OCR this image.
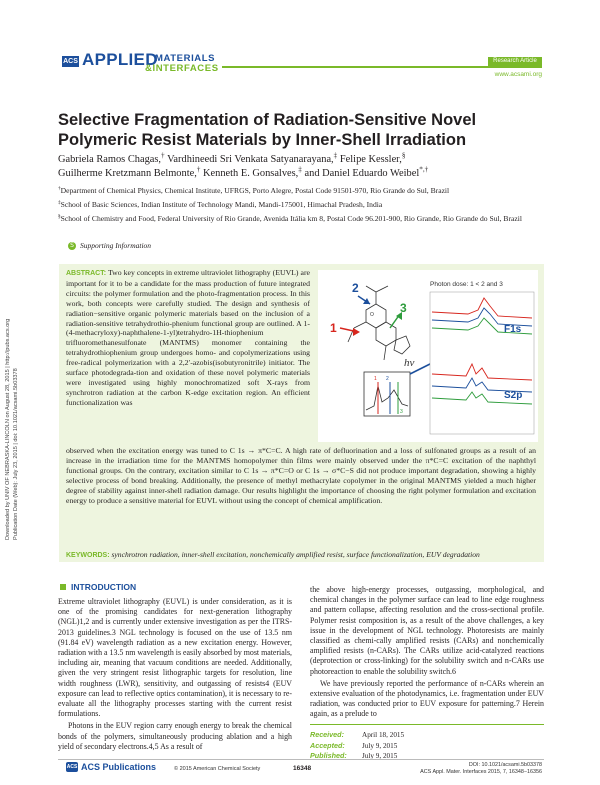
ACS APPLIED
MATERIALS
&INTERFACES
Research Article
www.acsami.org
Downloaded by UNIV OF NEBRASKA-LINCOLN on August 28, 2015 | http://pubs.acs.org Publication Date (Web): July 23, 2015 | doi: 10.1021/acsami.5b03378
Selective Fragmentation of Radiation-Sensitive Novel Polymeric Resist Materials by Inner-Shell Irradiation
Gabriela Ramos Chagas,† Vardhineedi Sri Venkata Satyanarayana,‡ Felipe Kessler,§
Guilherme Kretzmann Belmonte,† Kenneth E. Gonsalves,‡ and Daniel Eduardo Weibel*,†

†Department of Chemical Physics, Chemical Institute, UFRGS, Porto Alegre, Postal Code 91501-970, Rio Grande do Sul, Brazil

‡School of Basic Sciences, Indian Institute of Technology Mandi, Mandi-175001, Himachal Pradesh, India

§School of Chemistry and Food, Federal University of Rio Grande, Avenida Itália km 8, Postal Code 96.201-900, Rio Grande, Rio Grande do Sul, Brazil

S Supporting Information
ABSTRACT: Two key concepts in extreme ultraviolet lithography (EUVL) are important for it to be a candidate for the mass production of future integrated circuits: the polymer formulation and the photo-fragmentation process. In this work, both concepts were carefully studied. The design and synthesis of radiation−sensitive organic polymeric materials based on the inclusion of a radiation-sensitive tetrahydrothio-phenium functional group are outlined. A 1-(4-methacryloxy)-naphthalene-1-yl)tetrahydro-1H-thiophenium trifluoromethanesulfonate (MANTMS) monomer containing the tetrahydrothiophenium group undergoes homo- and copolymerizations using free-radical polymerization with a 2,2′-azobis(isobutyronitrile) initiator. The surface photodegrada-tion and oxidation of these novel polymeric materials were investigated using highly monochromatized soft X-rays from synchrotron radiation at the carbon K-edge excitation region. An efficient functionalization was
O
2
1
3
1 2
3
hν
Photon dose: 1 < 2 and 3
F1s
S2p
observed when the excitation energy was tuned to C 1s → π*C=C. A high rate of defluorination and a loss of sulfonated groups as a result of an increase in the irradiation time for the MANTMS homopolymer thin films were mainly observed under the π*C=C excitation of the naphthyl functional groups. On the contrary, excitation similar to C 1s → π*C=O or C 1s → σ*C−S did not produce important degradation, showing a highly selective process of bond breaking. Additionally, the presence of methyl methacrylate copolymer in the original MANTMS yielded a much higher degree of stability against inner-shell radiation damage. Our results highlight the importance of choosing the right polymer formulation and excitation energy to produce a sensitive material for EUVL without using the concept of chemical amplification.
KEYWORDS: synchrotron radiation, inner-shell excitation, nonchemically amplified resist, surface functionalization, EUV degradation
INTRODUCTION

Extreme ultraviolet lithography (EUVL) is under consideration, as it is one of the promising candidates for next-generation lithography (NGL)1,2 and is currently under extensive investigation as per the ITRS-2013 guidelines.3 NGL technology is focused on the use of 13.5 nm (91.84 eV) wavelength radiation as a new excitation energy. However, radiation with a 13.5 nm wavelength is easily absorbed by most materials, including air, meaning that vacuum conditions are needed. Additionally, given the very stringent resist lithographic targets for resolution, line width roughness (LWR), sensitivity, and outgassing of resists4 (EUV exposure can lead to reflective optics contamination), it is necessary to re-evaluate all the lithography processes starting with the current resist formulations.

Photons in the EUV region carry enough energy to break the chemical bonds of the polymers, simultaneously producing ablation and a high yield of secondary electrons.4,5 As a result of

the above high-energy processes, outgassing, morphological, and chemical changes in the polymer surface can lead to line edge roughness and pattern collapse, affecting resolution and the cross-sectional profile. Polymer resist composition is, as a result of the above challenges, a key issue in the development of NGL technology. Photoresists are mainly classified as chemi-cally amplified resists (CARs) and nonchemically amplified resists (n-CARs). The CARs utilize acid-catalyzed reactions (deprotection or cross-linking) for the solubility switch and n-CARs use photoreaction to enable the solubility switch.6

We have previously reported the performance of n-CARs wherein an extensive evaluation of the photodynamics, i.e. fragmentation under EUV radiation, was conducted prior to EUV exposure for patterning.7 Herein again, as a prelude to

Received:	April 18, 2015
Accepted: July 9, 2015
Published: July 9, 2015
ACS ACS Publications	© 2015 American Chemical Society	16348	DOI: 10.1021/acsami.5b03378
ACS Appl. Mater. Interfaces 2015, 7, 16348−16356
